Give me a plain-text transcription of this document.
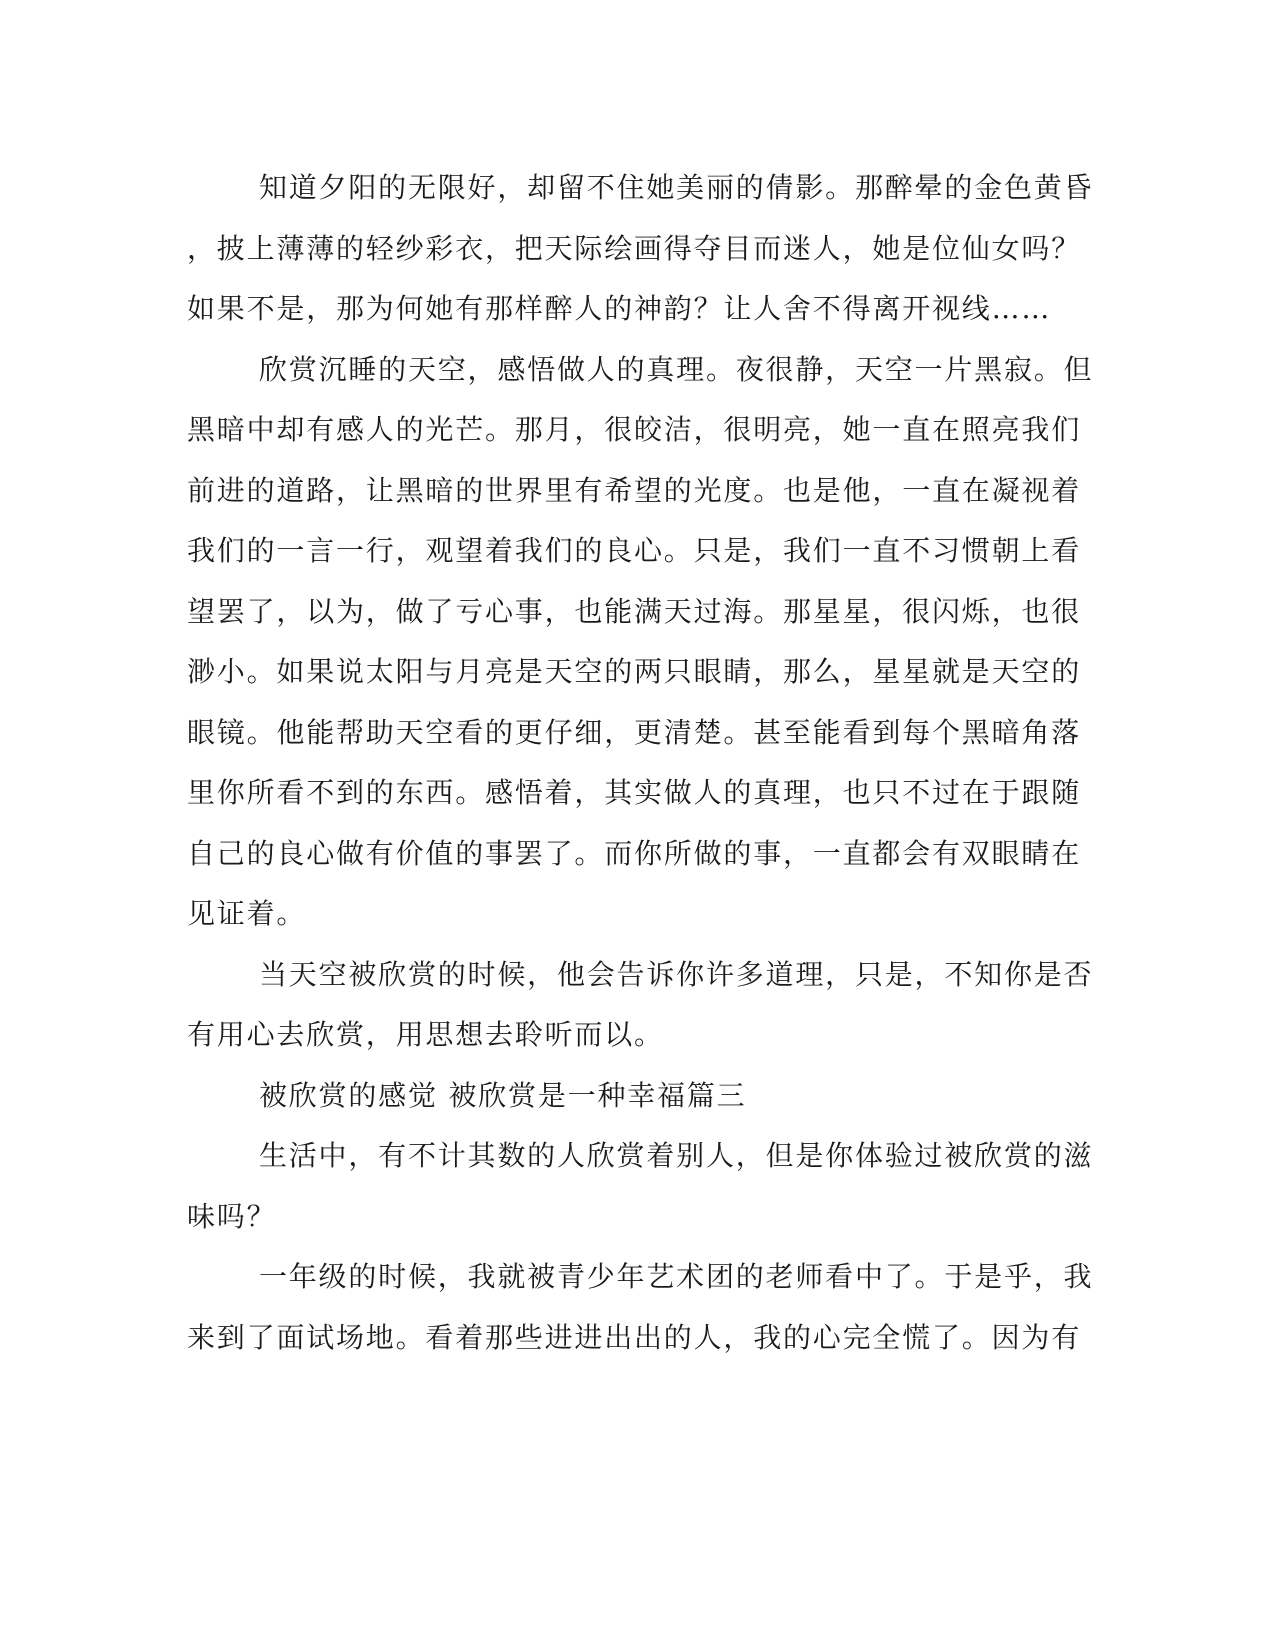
知道夕阳的无限好，却留不住她美丽的倩影。那醉晕的金色黄昏
，披上薄薄的轻纱彩衣，把天际绘画得夺目而迷人，她是位仙女吗？
如果不是，那为何她有那样醉人的神韵？让人舍不得离开视线……

欣赏沉睡的天空，感悟做人的真理。夜很静，天空一片黑寂。但
黑暗中却有感人的光芒。那月，很皎洁，很明亮，她一直在照亮我们
前进的道路，让黑暗的世界里有希望的光度。也是他，一直在凝视着
我们的一言一行，观望着我们的良心。只是，我们一直不习惯朝上看
望罢了，以为，做了亏心事，也能满天过海。那星星，很闪烁，也很
渺小。如果说太阳与月亮是天空的两只眼睛，那么，星星就是天空的
眼镜。他能帮助天空看的更仔细，更清楚。甚至能看到每个黑暗角落
里你所看不到的东西。感悟着，其实做人的真理，也只不过在于跟随
自己的良心做有价值的事罢了。而你所做的事，一直都会有双眼睛在
见证着。

当天空被欣赏的时候，他会告诉你许多道理，只是，不知你是否
有用心去欣赏，用思想去聆听而以。

被欣赏的感觉 被欣赏是一种幸福篇三

生活中，有不计其数的人欣赏着别人，但是你体验过被欣赏的滋
味吗？

一年级的时候，我就被青少年艺术团的老师看中了。于是乎，我
来到了面试场地。看着那些进进出出的人，我的心完全慌了。因为有
